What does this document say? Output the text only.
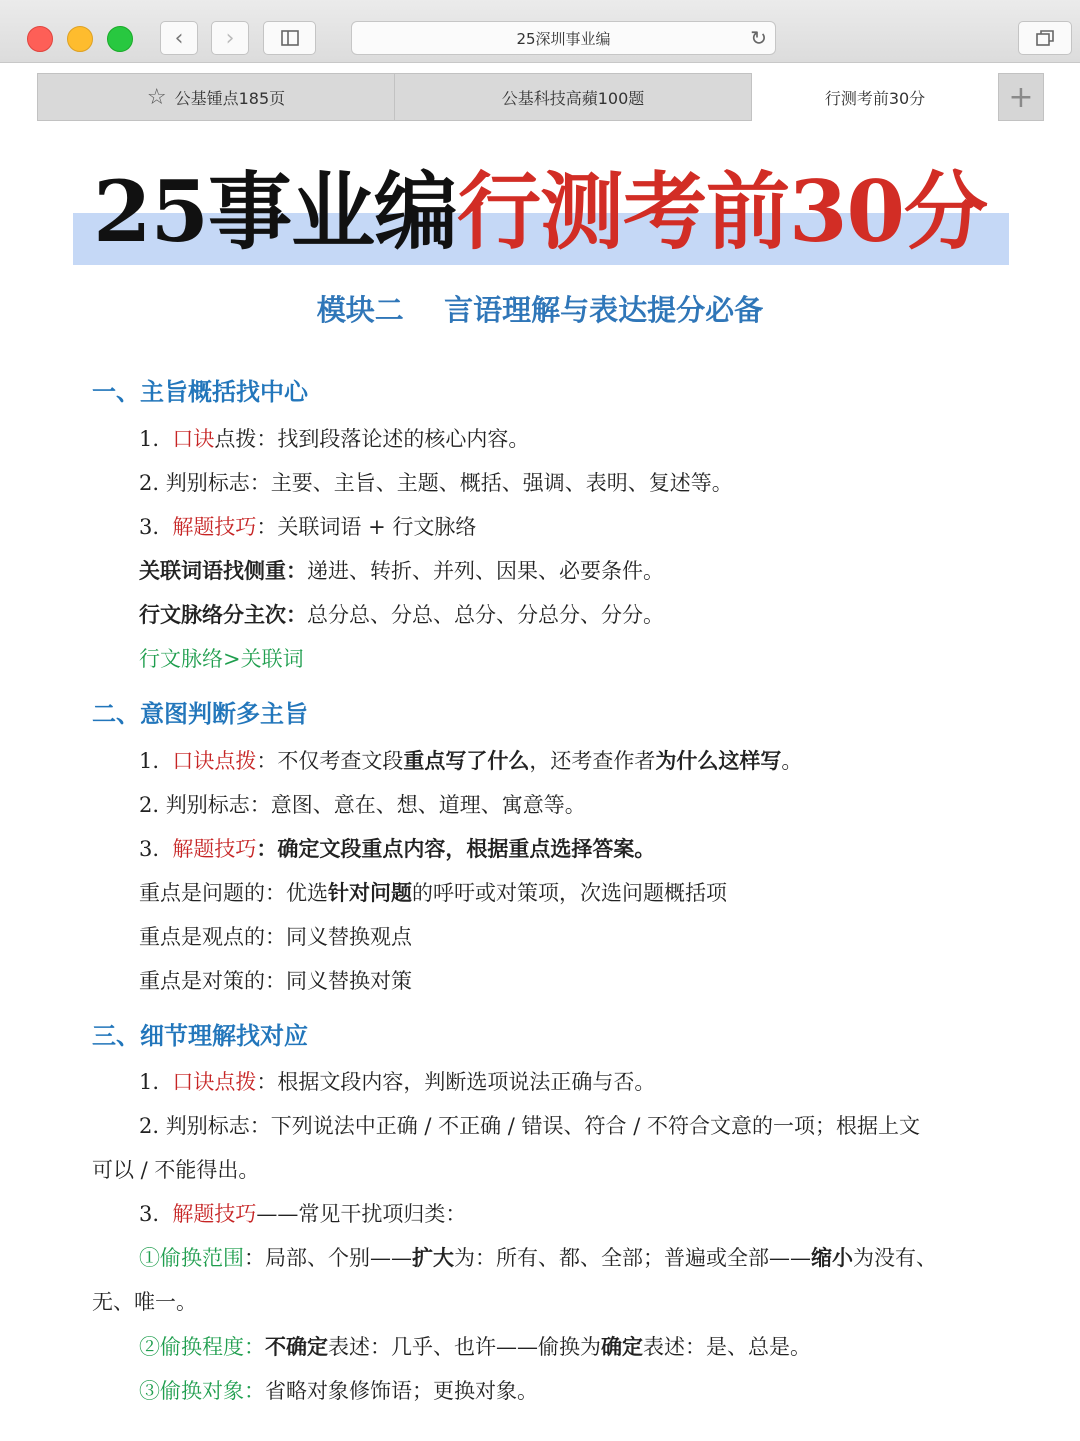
‹ ›	25深圳事业编	↻
☆ 公基锺点185页	公基科技高蘋100题	行测考前30分	+
25事业编行测考前30分
模块二    言语理解与表达提分必备
一、主旨概括找中心
1. 口诀点拨：找到段落论述的核心内容。
2. 判别标志：主要、主旨、主题、概括、强调、表明、复述等。
3. 解题技巧：关联词语 + 行文脉络
关联词语找侧重：递进、转折、并列、因果、必要条件。
行文脉络分主次：总分总、分总、总分、分总分、分分。
行文脉络>关联词
二、意图判断多主旨
1. 口诀点拨：不仅考查文段重点写了什么，还考查作者为什么这样写。
2. 判别标志：意图、意在、想、道理、寓意等。
3. 解题技巧：确定文段重点内容，根据重点选择答案。
重点是问题的：优选针对问题的呼吁或对策项，次选问题概括项
重点是观点的：同义替换观点
重点是对策的：同义替换对策
三、细节理解找对应
1. 口诀点拨：根据文段内容，判断选项说法正确与否。
2. 判别标志：下列说法中正确 / 不正确 / 错误、符合 / 不符合文意的一项；根据上文
可以 / 不能得出。
3. 解题技巧——常见干扰项归类：
①偷换范围：局部、个别——扩大为：所有、都、全部；普遍或全部——缩小为没有、
无、唯一。
②偷换程度：不确定表述：几乎、也许——偷换为确定表述：是、总是。
③偷换对象：省略对象修饰语；更换对象。
